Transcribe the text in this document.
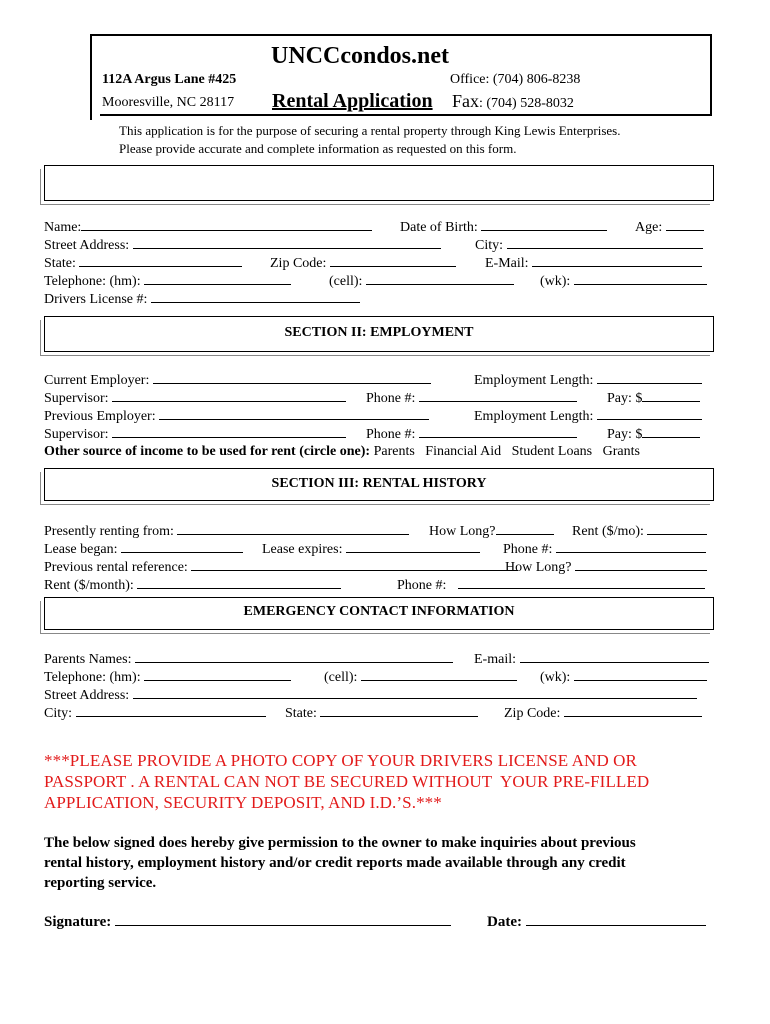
UNCCcondos.net
112A Argus Lane #425
Mooresville, NC 28117 Rental Application
Office: (704) 806-8238
Fax: (704) 528-8032
This application is for the purpose of securing a rental property through King Lewis Enterprises.
Please provide accurate and complete information as requested on this form.
Name:	Date of Birth:	Age:
Street Address:	City:
State:	Zip Code:	E-Mail:
Telephone: (hm):	(cell):	(wk):
Drivers License #:
SECTION II: EMPLOYMENT
Current Employer:	Employment Length:
Supervisor:	Phone #:	Pay: $
Previous Employer:	Employment Length:
Supervisor:	Phone #:	Pay: $
Other source of income to be used for rent (circle one): Parents   Financial Aid   Student Loans   Grants
SECTION III: RENTAL HISTORY
Presently renting from:	How Long?	Rent ($/mo):
Lease began:	Lease expires:	Phone #:
Previous rental reference:	How Long?
Rent ($/month):	Phone #:
EMERGENCY CONTACT INFORMATION
Parents Names:	E-mail:
Telephone: (hm):	(cell):	(wk):
Street Address:
City:	State:	Zip Code:
***PLEASE PROVIDE A PHOTO COPY OF YOUR DRIVERS LICENSE AND OR
PASSPORT . A RENTAL CAN NOT BE SECURED WITHOUT  YOUR PRE-FILLED
APPLICATION, SECURITY DEPOSIT, AND I.D.’S.***
The below signed does hereby give permission to the owner to make inquiries about previous
rental history, employment history and/or credit reports made available through any credit
reporting service.
Signature:	Date:
